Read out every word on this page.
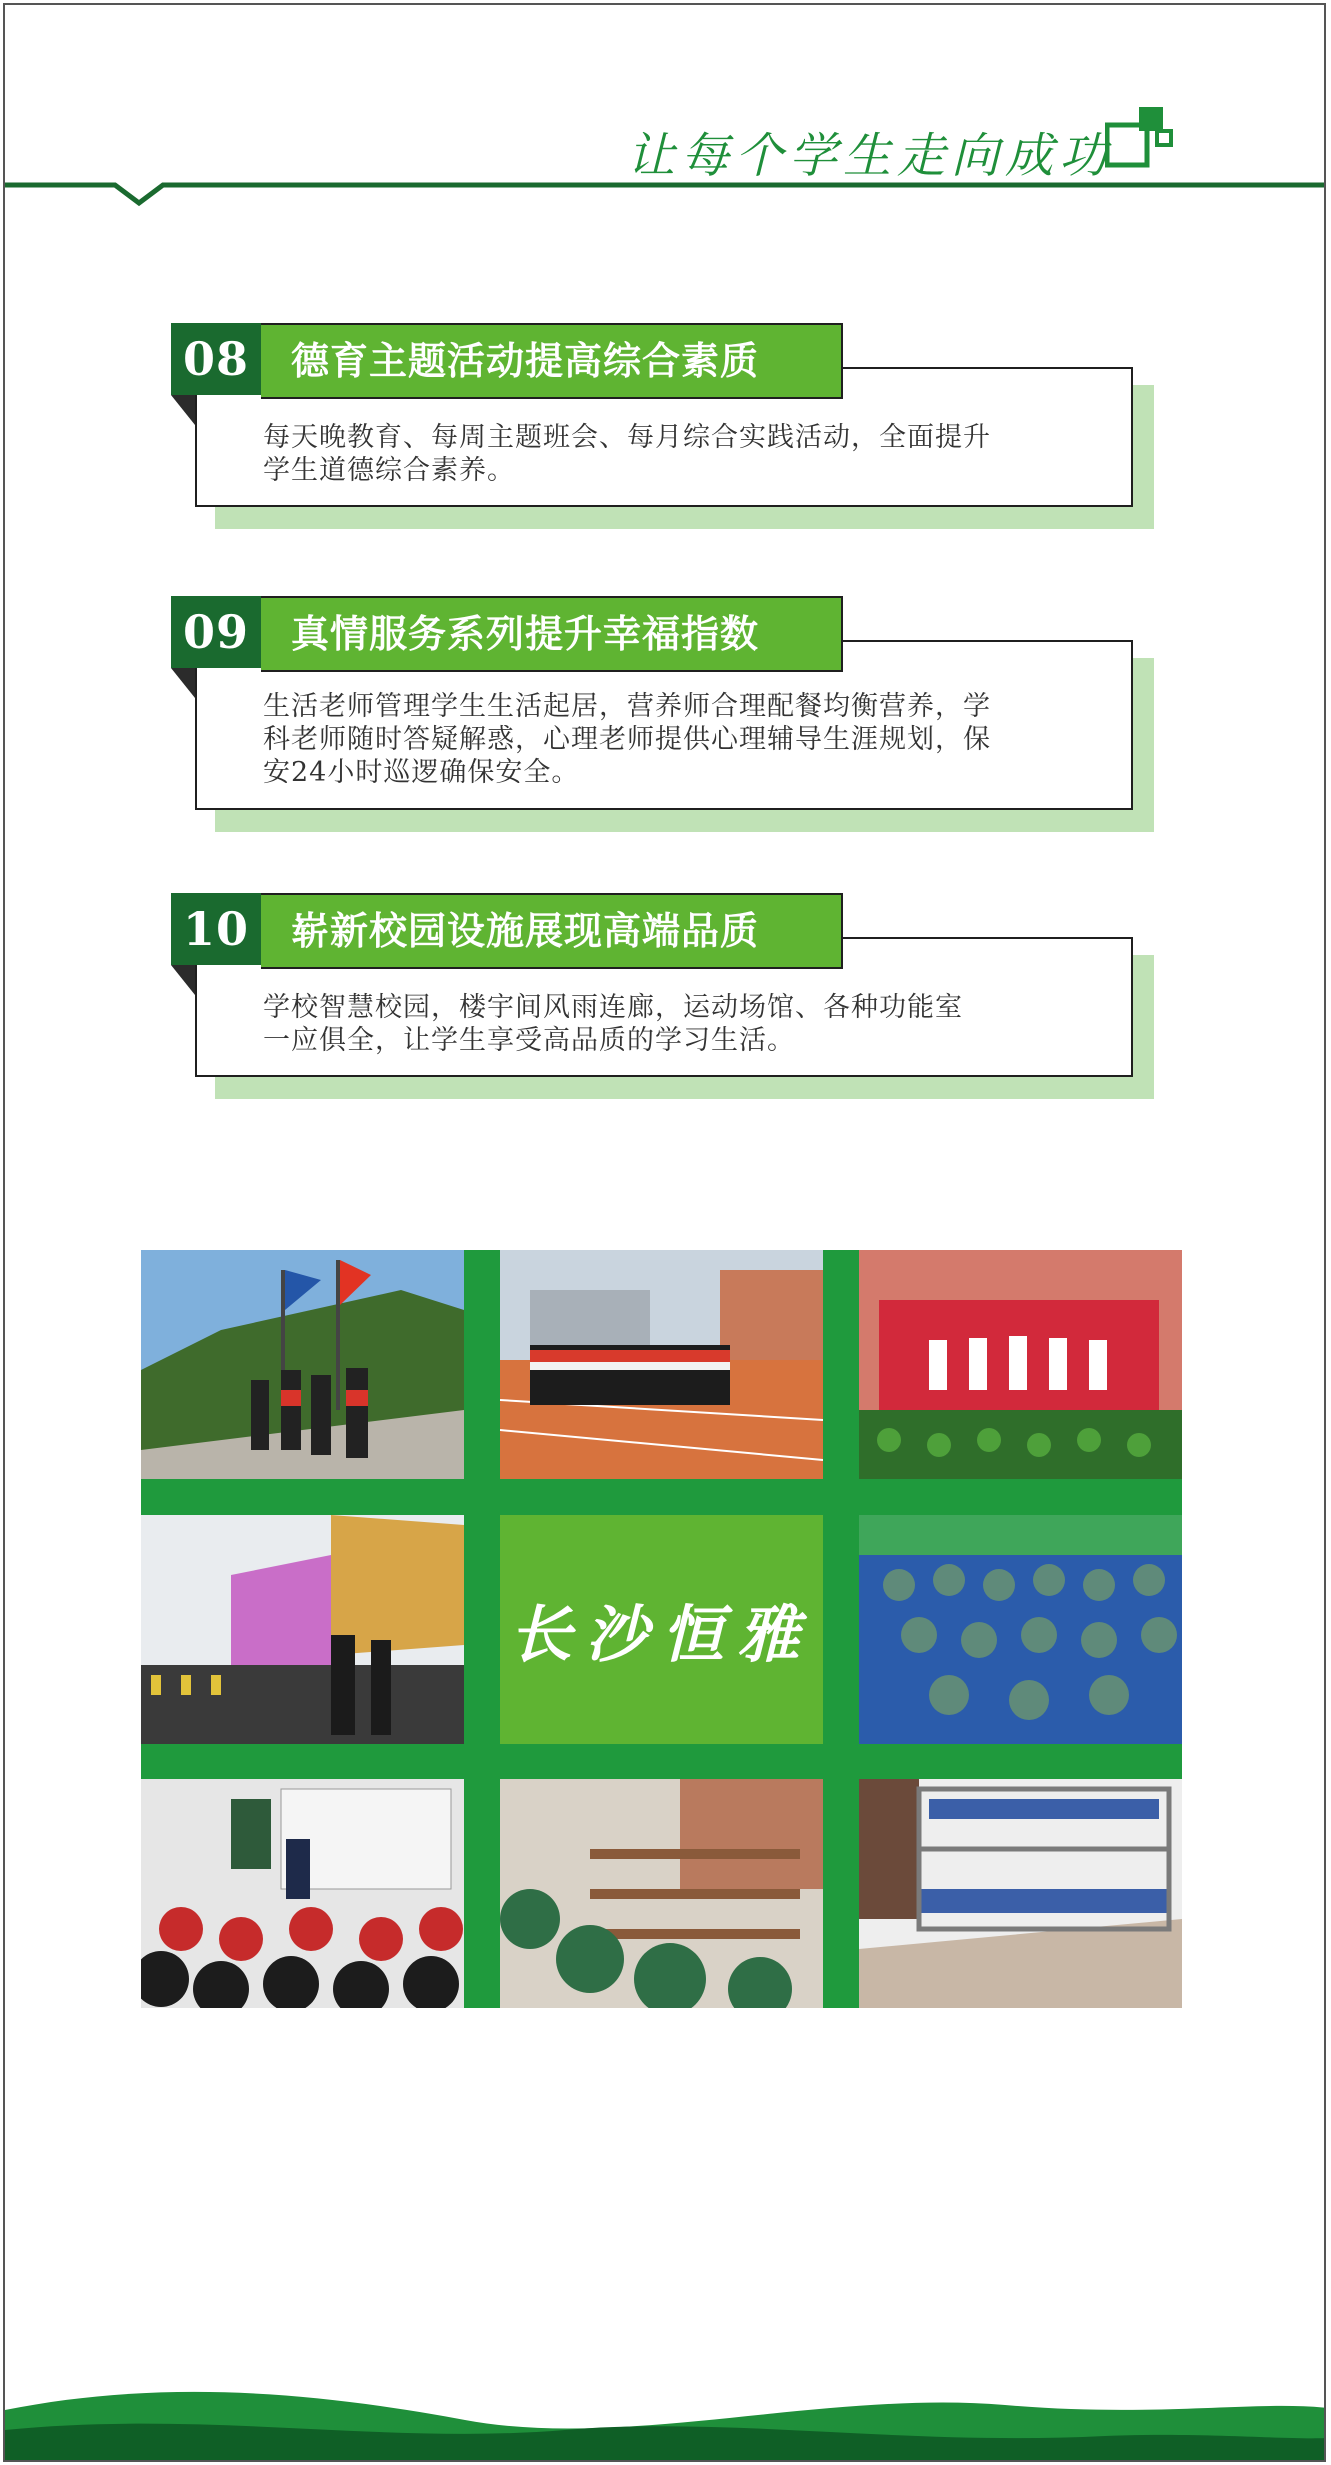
让每个学生走向成功
08	德育主题活动提高综合素质
每天晚教育、每周主题班会、每月综合实践活动，全面提升
学生道德综合素养。
09	真情服务系列提升幸福指数
生活老师管理学生生活起居，营养师合理配餐均衡营养，学
科老师随时答疑解惑，心理老师提供心理辅导生涯规划，保
安24小时巡逻确保安全。
10	崭新校园设施展现高端品质
学校智慧校园，楼宇间风雨连廊，运动场馆、各种功能室
一应俱全，让学生享受高品质的学习生活。
长沙恒雅
